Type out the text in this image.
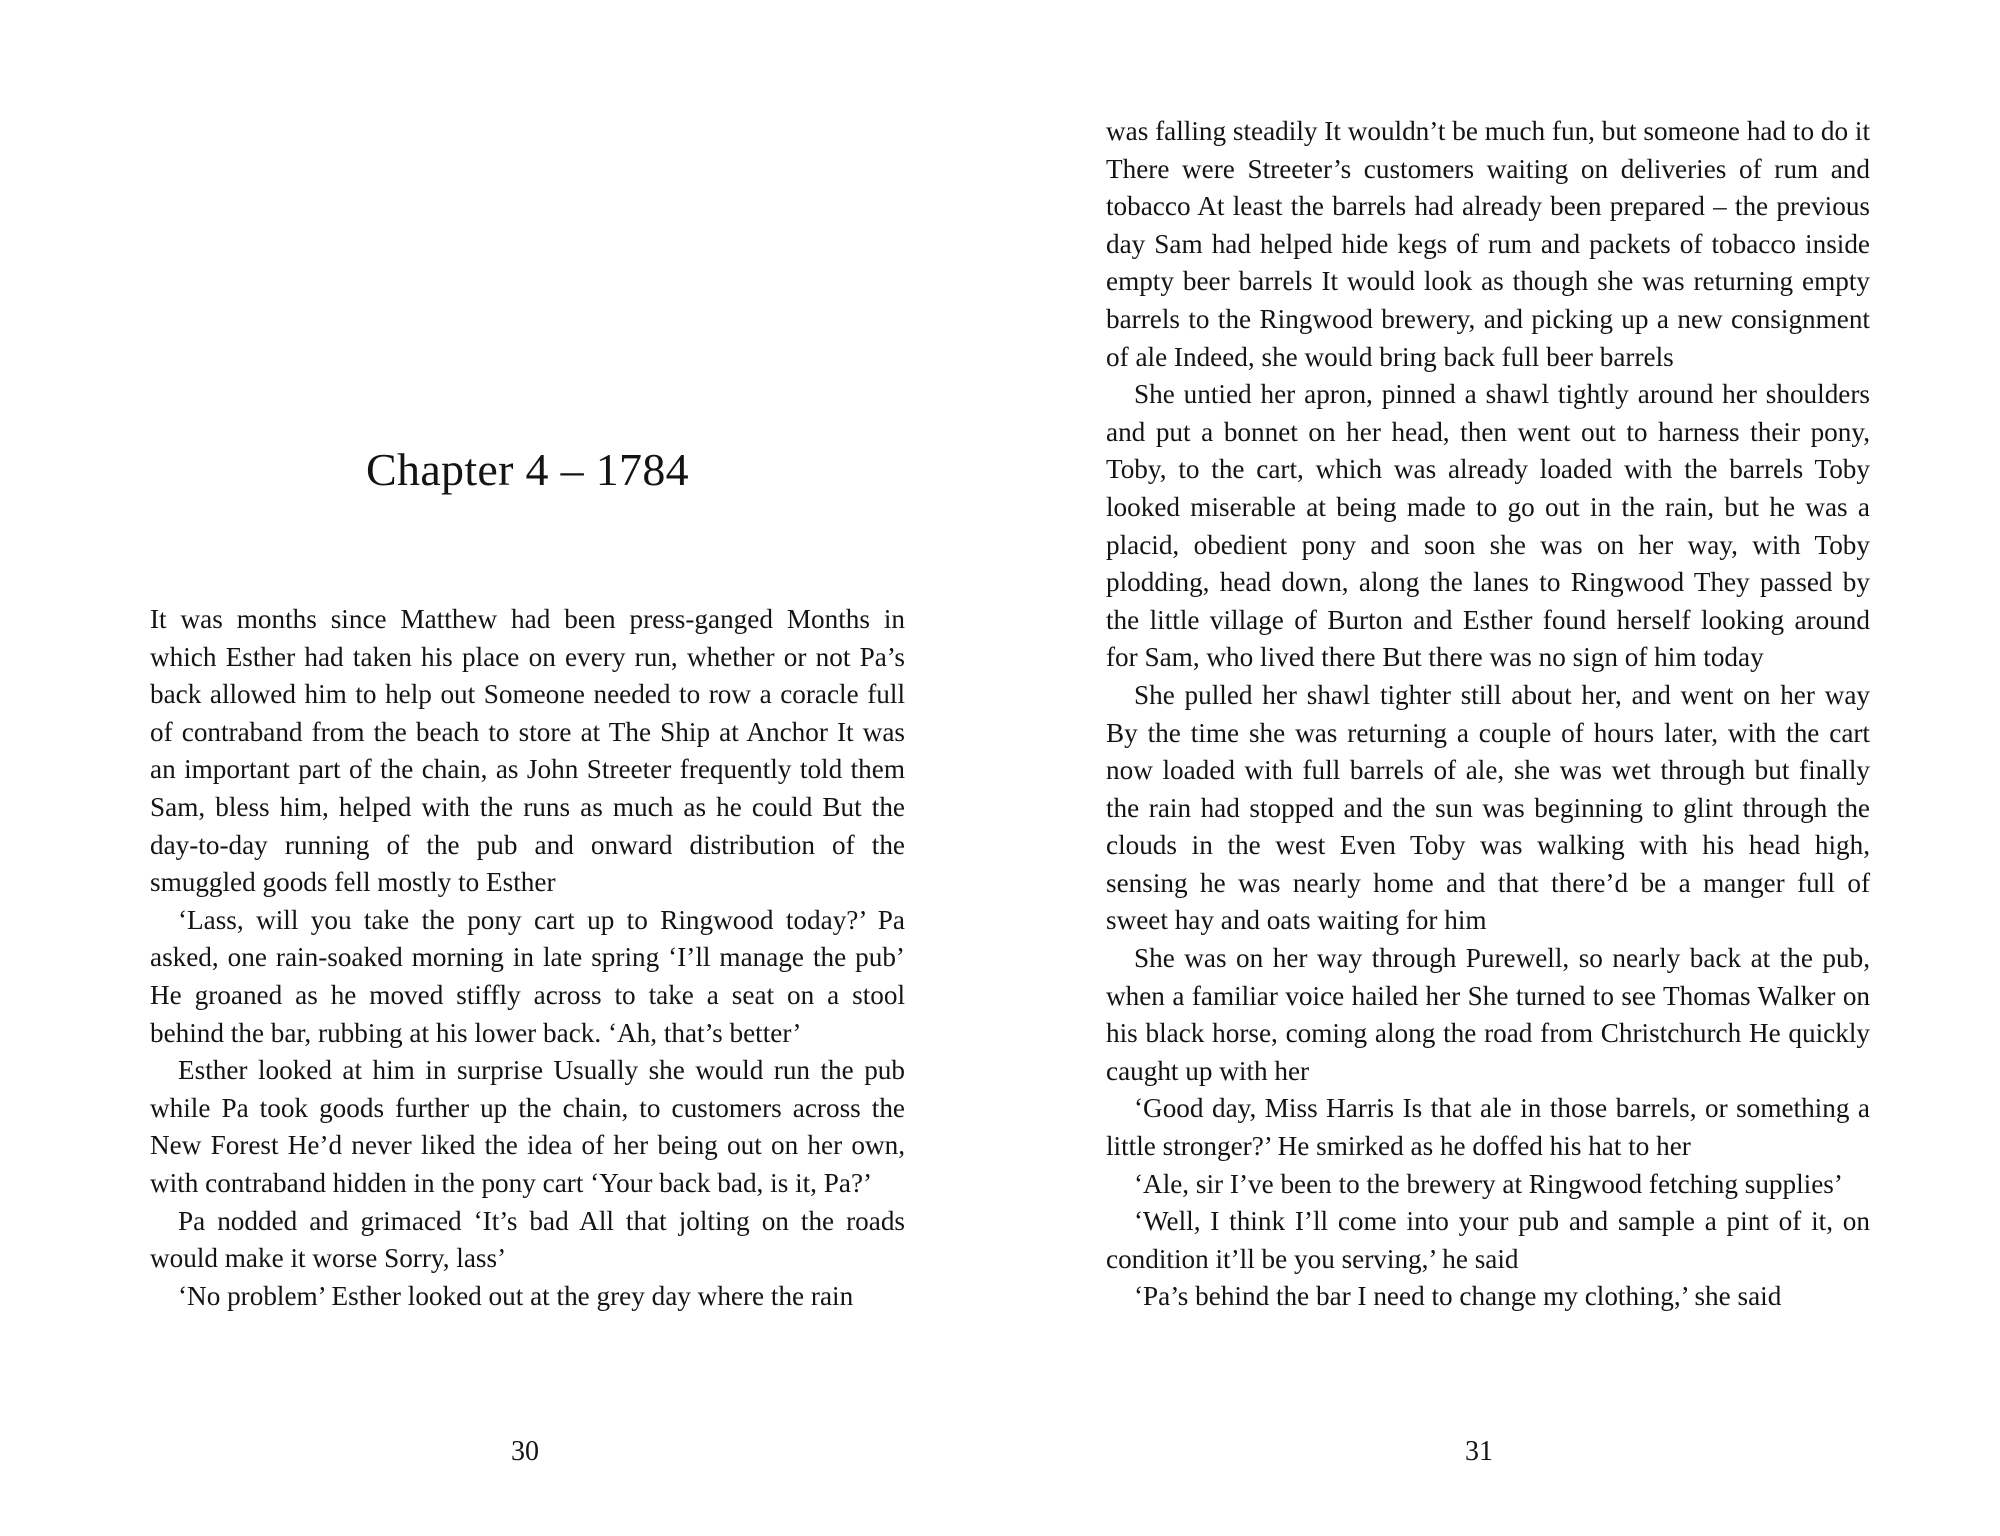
Chapter 4 – 1784

It was months since Matthew had been press-ganged Months in which Esther had taken his place on every run, whether or not Pa’s back allowed him to help out Someone needed to row a coracle full of contraband from the beach to store at The Ship at Anchor It was an important part of the chain, as John Streeter frequently told them Sam, bless him, helped with the runs as much as he could But the day-to-day running of the pub and onward distribution of the smuggled goods fell mostly to Esther

‘Lass, will you take the pony cart up to Ringwood today?’ Pa asked, one rain-soaked morning in late spring ‘I’ll manage the pub’ He groaned as he moved stiffly across to take a seat on a stool behind the bar, rubbing at his lower back. ‘Ah, that’s better’

Esther looked at him in surprise Usually she would run the pub while Pa took goods further up the chain, to customers across the New Forest He’d never liked the idea of her being out on her own, with contraband hidden in the pony cart ‘Your back bad, is it, Pa?’

Pa nodded and grimaced ‘It’s bad All that jolting on the roads would make it worse Sorry, lass’

‘No problem’ Esther looked out at the grey day where the rain

30

was falling steadily It wouldn’t be much fun, but someone had to do it There were Streeter’s customers waiting on deliveries of rum and tobacco At least the barrels had already been prepared – the previous day Sam had helped hide kegs of rum and packets of tobacco inside empty beer barrels It would look as though she was returning empty barrels to the Ringwood brewery, and picking up a new consignment of ale Indeed, she would bring back full beer barrels

She untied her apron, pinned a shawl tightly around her shoulders and put a bonnet on her head, then went out to harness their pony, Toby, to the cart, which was already loaded with the barrels Toby looked miserable at being made to go out in the rain, but he was a placid, obedient pony and soon she was on her way, with Toby plodding, head down, along the lanes to Ringwood They passed by the little village of Burton and Esther found herself looking around for Sam, who lived there But there was no sign of him today

She pulled her shawl tighter still about her, and went on her way By the time she was returning a couple of hours later, with the cart now loaded with full barrels of ale, she was wet through but finally the rain had stopped and the sun was beginning to glint through the clouds in the west Even Toby was walking with his head high, sensing he was nearly home and that there’d be a manger full of sweet hay and oats waiting for him

She was on her way through Purewell, so nearly back at the pub, when a familiar voice hailed her She turned to see Thomas Walker on his black horse, coming along the road from Christchurch He quickly caught up with her

‘Good day, Miss Harris Is that ale in those barrels, or something a little stronger?’ He smirked as he doffed his hat to her

‘Ale, sir I’ve been to the brewery at Ringwood fetching supplies’

‘Well, I think I’ll come into your pub and sample a pint of it, on condition it’ll be you serving,’ he said

‘Pa’s behind the bar I need to change my clothing,’ she said

31
